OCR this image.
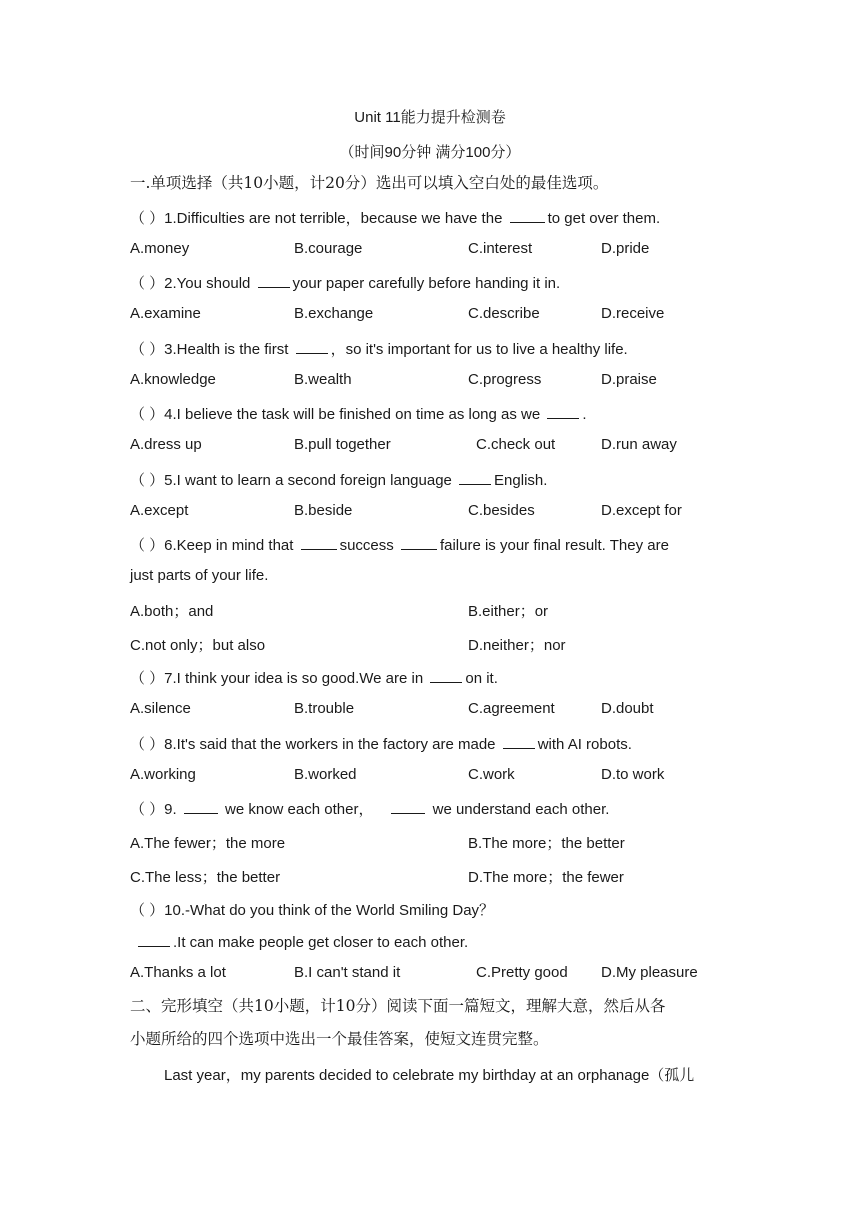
Unit 11能力提升检测卷
（时间90分钟 满分100分）
一.单项选择（共10小题，计20分）选出可以填入空白处的最佳选项。
（ ）1.Difficulties are not terrible，because we have the	to get over them.
A.money	B.courage	C.interest	D.pride
（ ）2.You should	your paper carefully before handing it in.
A.examine	B.exchange	C.describe	D.receive
（ ）3.Health is the first	，so it's important for us to live a healthy life.
A.knowledge	B.wealth	C.progress	D.praise
（ ）4.I believe the task will be finished on time as long as we	.
A.dress up	B.pull together	C.check out	D.run away
（ ）5.I want to learn a second foreign language	English.
A.except	B.beside	C.besides	D.except for
（ ）6.Keep in mind that	success	failure is your final result. They are
just parts of your life.
A.both；and	B.either；or
C.not only；but also	D.neither；nor
（ ）7.I think your idea is so good.We are in	on it.
A.silence	B.trouble	C.agreement	D.doubt
（ ）8.It's said that the workers in the factory are made	with AI robots.
A.working	B.worked	C.work	D.to work
（ ）9.	we know each other，	we understand each other.
A.The fewer；the more	B.The more；the better
C.The less；the better	D.The more；the fewer
（ ）10.-What do you think of the World Smiling Day？
.It can make people get closer to each other.
A.Thanks a lot	B.I can't stand it	C.Pretty good D.My pleasure
二、完形填空（共10小题，计10分）阅读下面一篇短文，理解大意，然后从各
小题所给的四个选项中选出一个最佳答案，使短文连贯完整。
Last year，my parents decided to celebrate my birthday at an orphanage（孤儿
